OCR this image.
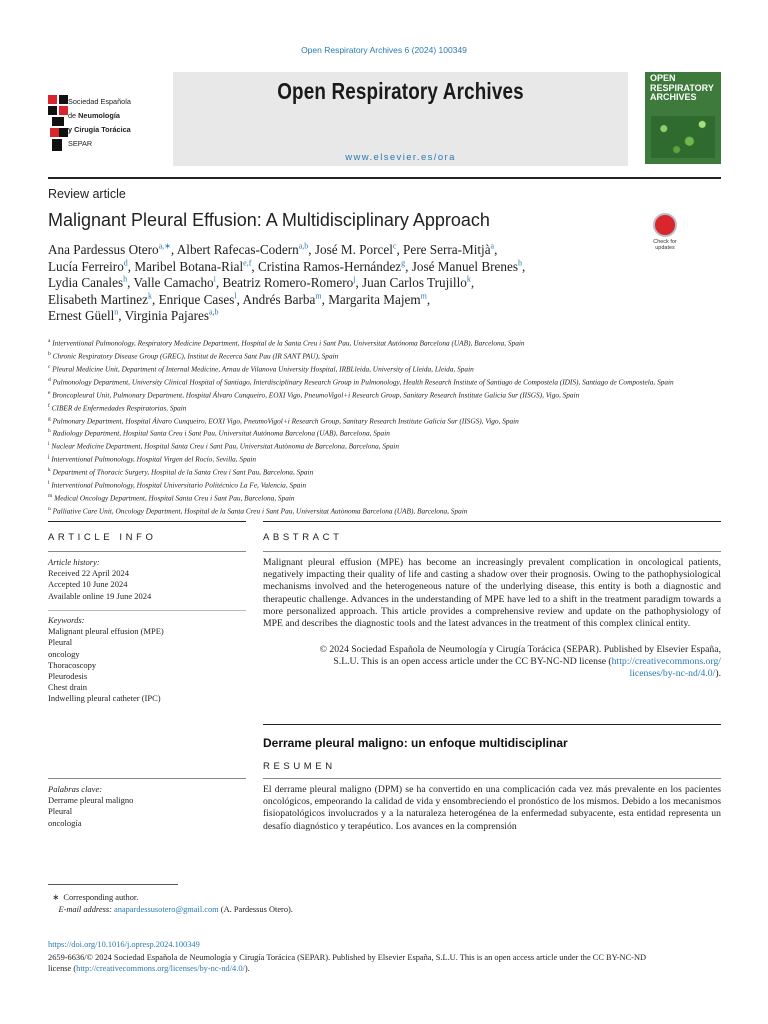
Open Respiratory Archives 6 (2024) 100349
Open Respiratory Archives
www.elsevier.es/ora
Sociedad Española
de Neumología
y Cirugía Torácica
SEPAR
OPEN
RESPIRATORY
ARCHIVES
Review article
Malignant Pleural Effusion: A Multidisciplinary Approach
Check for updates
Ana Pardessus Otero$^{a,∗}$, Albert Rafecas-Codern$^{a,b}$, José M. Porcel$^c$, Pere Serra-Mitjà$^a$,
Lucía Ferreiro$^d$, Maribel Botana-Rial$^{e,f}$, Cristina Ramos-Hernández$^g$, José Manuel Brenes$^h$,
Lydia Canales$^h$, Valle Camacho$^i$, Beatriz Romero-Romero$^j$, Juan Carlos Trujillo$^k$,
Elisabeth Martinez$^k$, Enrique Cases$^l$, Andrés Barba$^m$, Margarita Majem$^m$,
Ernest Güell$^n$, Virginia Pajares$^{a,b}$
$^a$ Interventional Pulmonology, Respiratory Medicine Department, Hospital de la Santa Creu i Sant Pau, Universitat Autónoma Barcelona (UAB), Barcelona, Spain
$^b$ Chronic Respiratory Disease Group (GREC), Institut de Recerca Sant Pau (IR SANT PAU), Spain
$^c$ Pleural Medicine Unit, Department of Internal Medicine, Arnau de Vilanova University Hospital, IRBLleida, University of Lleida, Lleida, Spain
$^d$ Pulmonology Department, University Clinical Hospital of Santiago, Interdisciplinary Research Group in Pulmonology, Health Research Institute of Santiago de Compostela (IDIS), Santiago de Compostela, Spain
$^e$ Broncopleural Unit, Pulmonary Department, Hospital Álvaro Cunqueiro, EOXI Vigo, PneumoVigol+i Research Group, Sanitary Research Institute Galicia Sur (IISGS), Vigo, Spain
$^f$ CIBER de Enfermedades Respiratorias, Spain
$^g$ Pulmonary Department, Hospital Álvaro Cunqueiro, EOXI Vigo, PneumoVigol+i Research Group, Sanitary Research Institute Galicia Sur (IISGS), Vigo, Spain
$^h$ Radiology Department, Hospital Santa Creu i Sant Pau, Universitat Autónoma Barcelona (UAB), Barcelona, Spain
$^i$ Nuclear Medicine Department, Hospital Santa Creu i Sant Pau, Universitat Autònoma de Barcelona, Barcelona, Spain
$^j$ Interventional Pulmonology, Hospital Virgen del Rocío, Sevilla, Spain
$^k$ Department of Thoracic Surgery, Hospital de la Santa Creu i Sant Pau, Barcelona, Spain
$^l$ Interventional Pulmonology, Hospital Universitario Politécnico La Fe, Valencia, Spain
$^m$ Medical Oncology Department, Hospital Santa Creu i Sant Pau, Barcelona, Spain
$^n$ Palliative Care Unit, Oncology Department, Hospital de la Santa Creu i Sant Pau, Universitat Autònoma Barcelona (UAB), Barcelona, Spain
ARTICLE INFO	ABSTRACT
Article history:
Received 22 April 2024
Accepted 10 June 2024
Available online 19 June 2024
Keywords:
Malignant pleural effusion (MPE)
Pleural
oncology
Thoracoscopy
Pleurodesis
Chest drain
Indwelling pleural catheter (IPC)
Malignant pleural effusion (MPE) has become an increasingly prevalent complication in oncological patients, negatively impacting their quality of life and casting a shadow over their prognosis. Owing to the pathophysiological mechanisms involved and the heterogeneous nature of the underlying disease, this entity is both a diagnostic and therapeutic challenge. Advances in the understanding of MPE have led to a shift in the treatment paradigm towards a more personalized approach. This article provides a comprehensive review and update on the pathophysiology of MPE and describes the diagnostic tools and the latest advances in the treatment of this complex clinical entity.
© 2024 Sociedad Española de Neumología y Cirugía Torácica (SEPAR). Published by Elsevier España,
S.L.U. This is an open access article under the CC BY-NC-ND license (http://creativecommons.org/
licenses/by-nc-nd/4.0/).
Derrame pleural maligno: un enfoque multidisciplinar
RESUMEN
Palabras clave:
Derrame pleural maligno
Pleural
oncología
El derrame pleural maligno (DPM) se ha convertido en una complicación cada vez más prevalente en los pacientes oncológicos, empeorando la calidad de vida y ensombreciendo el pronóstico de los mismos. Debido a los mecanismos fisiopatológicos involucrados y a la naturaleza heterogénea de la enfermedad subyacente, esta entidad representa un desafío diagnóstico y terapéutico. Los avances en la comprensión
∗  Corresponding author.
E-mail address: anapardessusotero@gmail.com (A. Pardessus Otero).
https://doi.org/10.1016/j.opresp.2024.100349
2659-6636/© 2024 Sociedad Española de Neumología y Cirugía Torácica (SEPAR). Published by Elsevier España, S.L.U. This is an open access article under the CC BY-NC-ND
license (http://creativecommons.org/licenses/by-nc-nd/4.0/).
